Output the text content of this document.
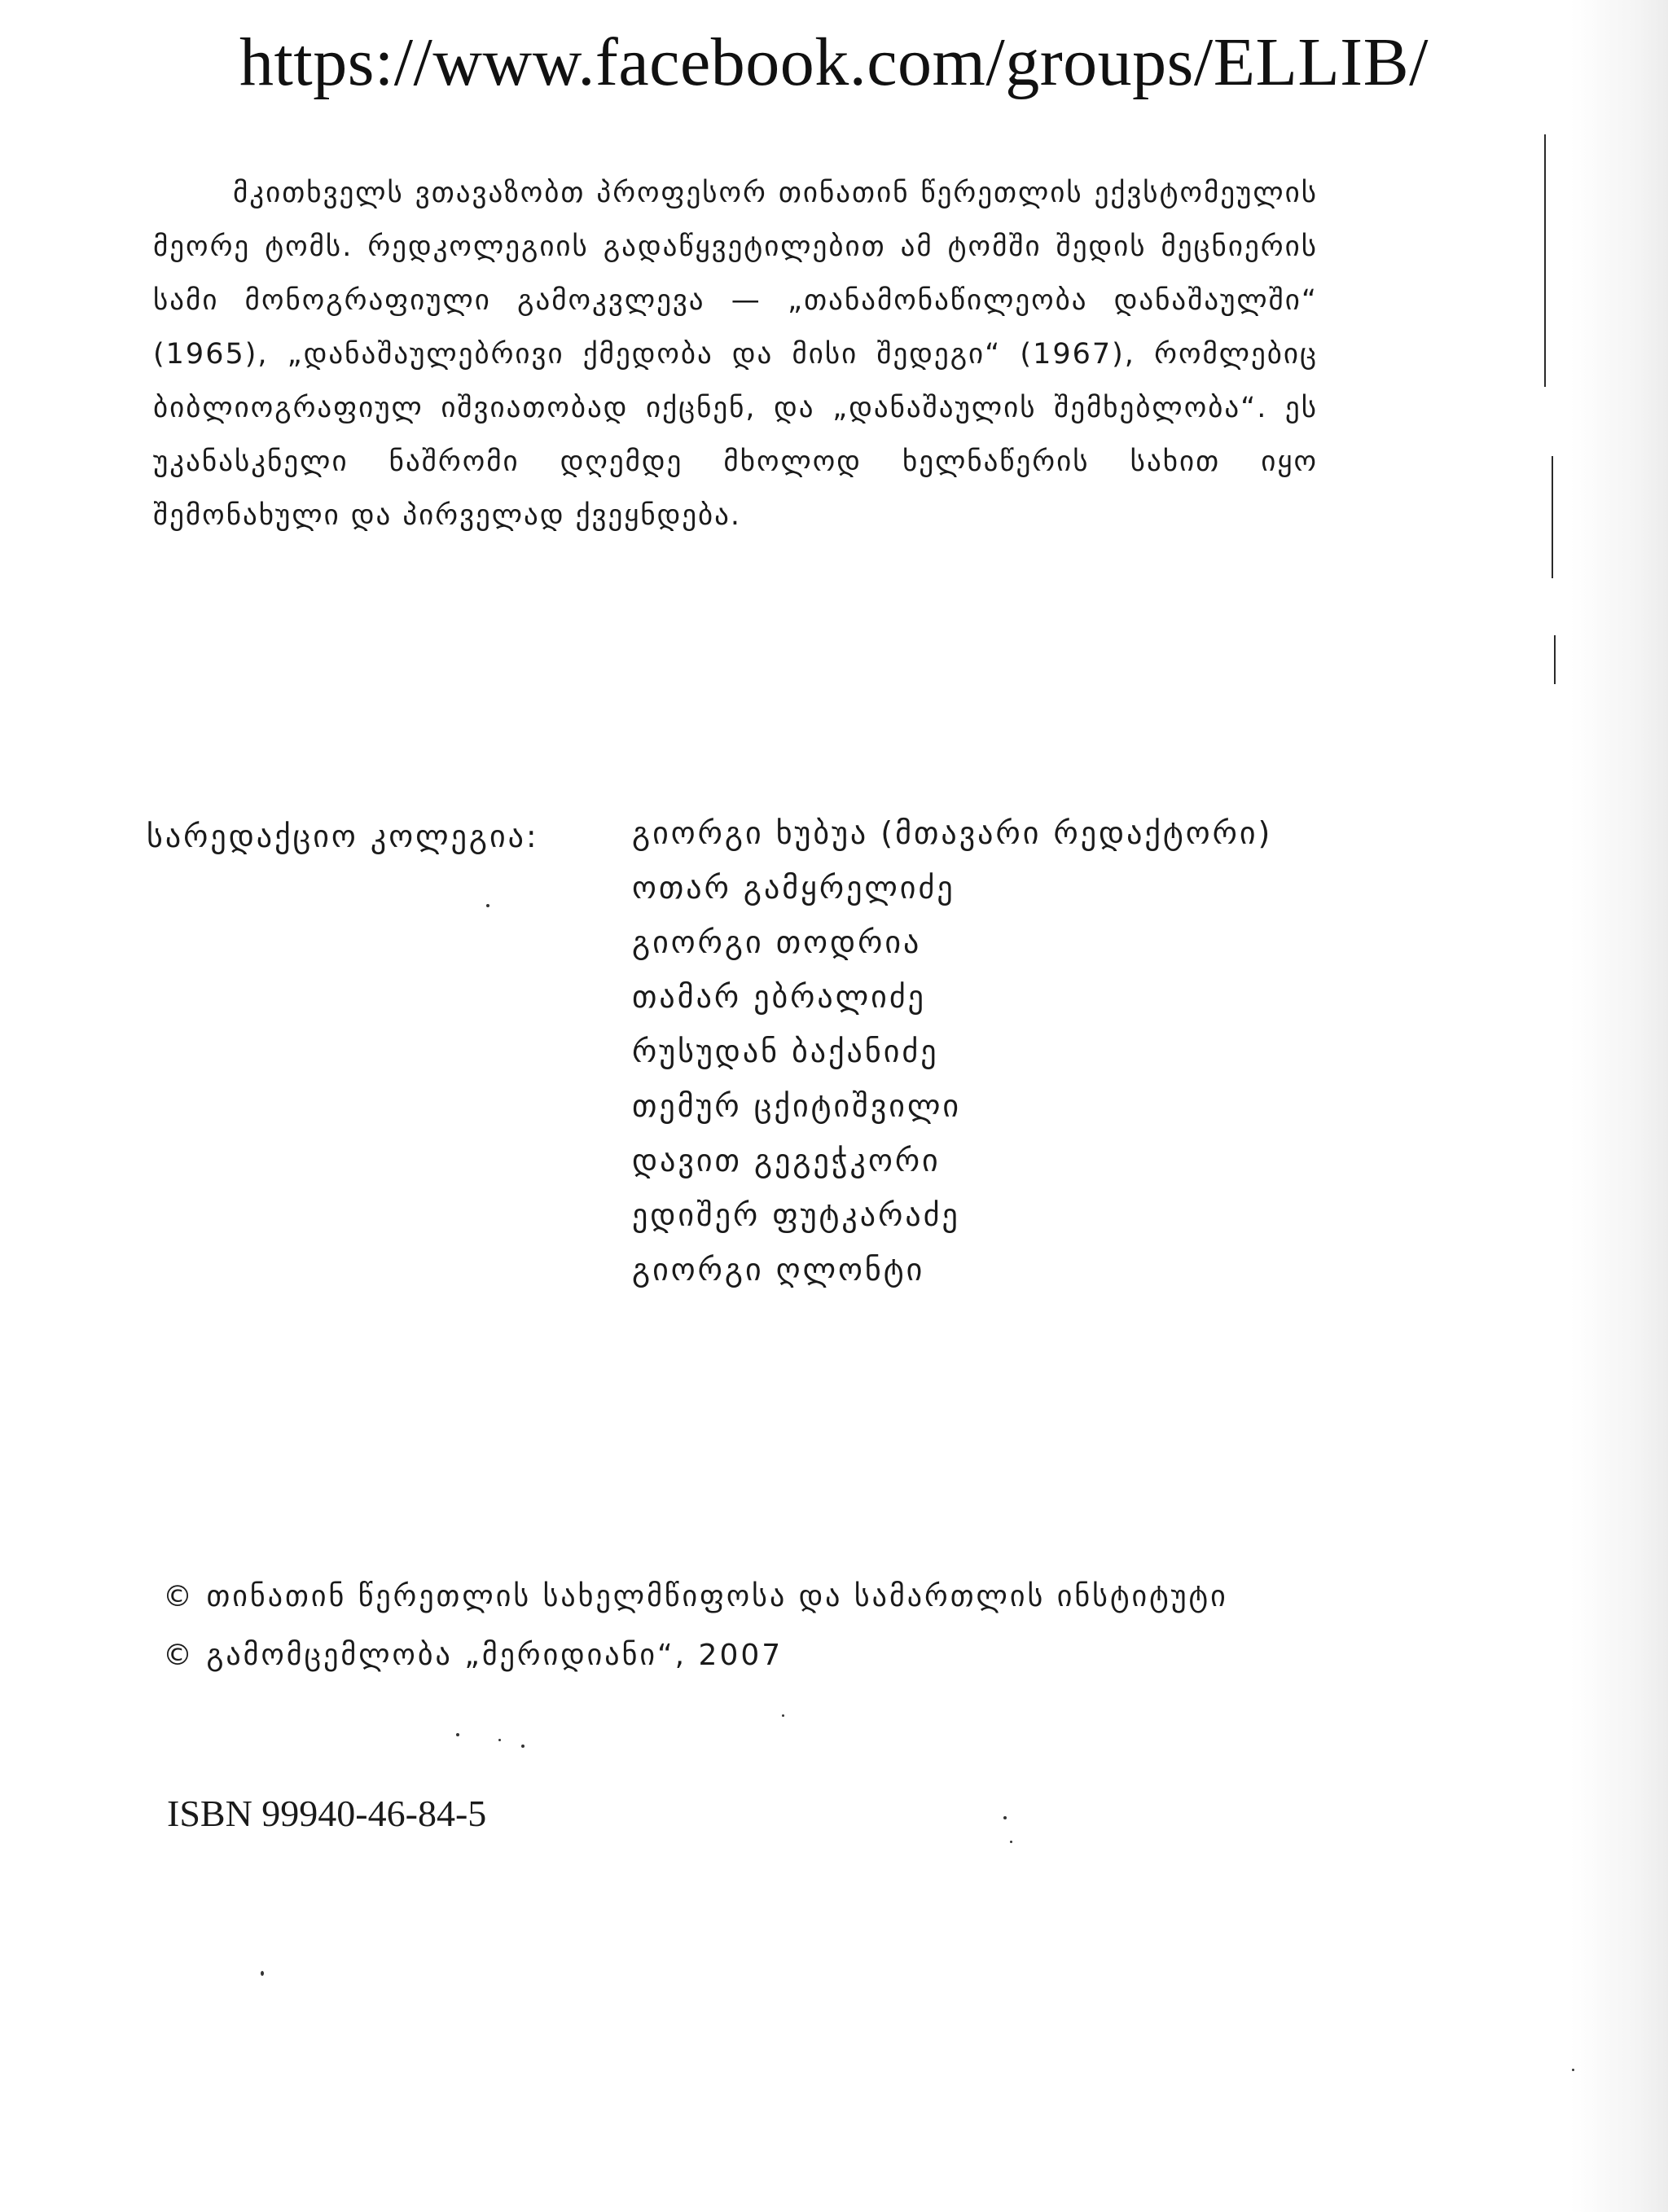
https://www.facebook.com/groups/ELLIB/

მკითხველს ვთავაზობთ პროფესორ თინათინ წერეთლის ექვსტომეულის მეორე ტომს. რედკოლეგიის გადაწყვეტილებით ამ ტომში შედის მეცნიერის სამი მონოგრაფიული გამოკვლევა — „თანამონაწილეობა დანაშაულში“ (1965), „დანაშაულებრივი ქმედობა და მისი შედეგი“ (1967), რომლებიც ბიბლიოგრაფიულ იშვიათობად იქცნენ, და „დანაშაულის შემხებლობა“. ეს უკანასკნელი ნაშრომი დღემდე მხოლოდ ხელნაწერის სახით იყო შემონახული და პირველად ქვეყნდება.

სარედაქციო კოლეგია:	გიორგი ხუბუა (მთავარი რედაქტორი)
ოთარ გამყრელიძე
გიორგი თოდრია
თამარ ებრალიძე
რუსუდან ბაქანიძე
თემურ ცქიტიშვილი
დავით გეგეჭკორი
ედიშერ ფუტკარაძე
გიორგი ღლონტი
© თინათინ წერეთლის სახელმწიფოსა და სამართლის ინსტიტუტი
© გამომცემლობა „მერიდიანი“, 2007
ISBN 99940-46-84-5
